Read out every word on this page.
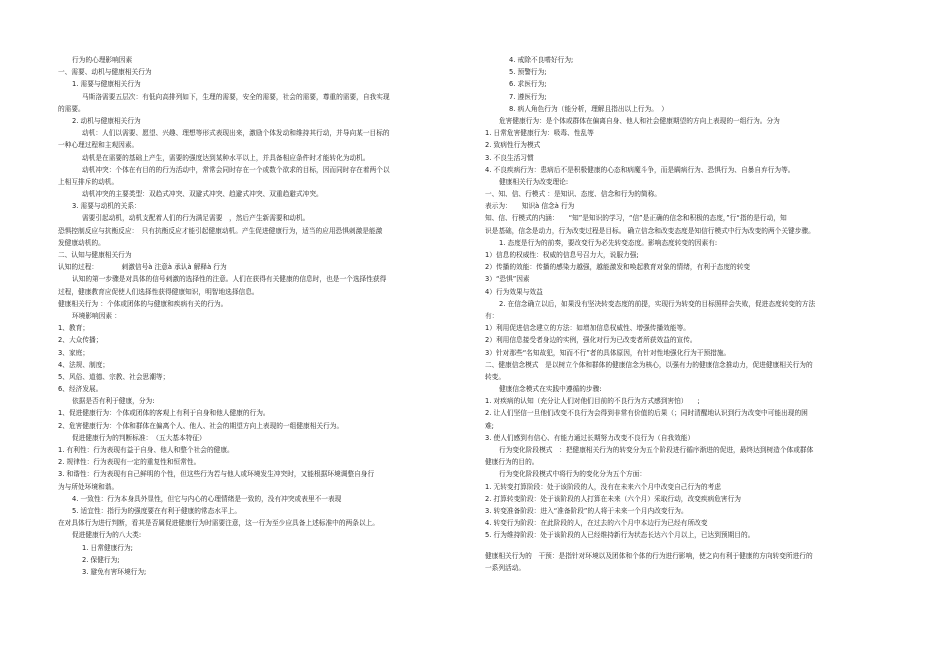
行为的心理影响因素
一、需要、动机与健康相关行为
1. 需要与健康相关行为
马斯洛需要五层次：有低向高排列如下，生理的需要，安全的需要，社会的需要，尊重的需要，自我实现
的需要。
2. 动机与健康相关行为
动机：人们以需要、愿望、兴趣、理想等形式表现出来，激励个体发动和维持其行动，并导向某一目标的
一种心理过程和主观因素。
动机是在需要的基础上产生，需要的强度达到某种水平以上，并具备相应条件时才能转化为动机。
动机冲突：个体在有目的的行为活动中，常常会同时存在一个或数个欲求的目标，因而同时存在着两个以
上相互排斥的动机。
动机冲突的主要类型：双趋式冲突、双避式冲突、趋避式冲突、双重趋避式冲突。
3. 需要与动机的关系：
需要引起动机，动机支配着人们的行为满足需要　，然后产生新需要和动机。
恐惧控制反应与抗衡反应：　只有抗衡反应才能引起健康动机。产生促进健康行为，适当的应用恐惧刺激是能激
发健康动机的。
二、认知与健康相关行为
认知的过程：　　　　刺激信号à 注意à 承认à 解释à 行为
认知的第一步骤是对具体的信号刺激的选择性的注意。人们在获得有关健康的信息时，也是一个选择性获得
过程，健康教育应促使人们选择性获得健康知识，明智地选择信息。
健康相关行为 ：个体或团体的与健康和疾病有关的行为。
环境影响因素 ：
1、教育；
2、大众传播；
3、家庭；
4、法规、制度；
5、风俗、道德、宗教、社会思潮等；
6、经济发展。
依据是否有利于健康，分为:
1、促进健康行为：个体或团体的客观上有利于自身和他人健康的行为。
2、危害健康行为：个体和群体在偏离个人、他人、社会的期望方向上表现的一组健康相关行为。
促进健康行为的判断标准：　（五大基本特征）
1. 有利性：行为表现有益于自身、他人和整个社会的健康。
2. 规律性：行为表现有一定的重复性和恒常性。
3. 和谐性：行为表现有自己鲜明的个性，但这些行为若与他人或环境发生冲突时，又能根据环境调整自身行
为与所处环境和谐。
4. 一致性：行为本身具外显性，但它与内心的心理情绪是一致的，没有冲突或表里不一表现
5. 适宜性：指行为的强度要在有利于健康的常态水平上。
在对具体行为进行判断，看其是否属促进健康行为时需要注意，这一行为至少应具备上述标准中的两条以上。
促进健康行为的八大类:
1. 日常健康行为;
2. 保健行为;
3. 避免有害环境行为;
4. 戒除不良嗜好行为;
5. 预警行为;
6. 求医行为;
7. 遵医行为;
8. 病人角色行为（能分析，理解且指出以上行为。　）
危害健康行为：是个体或群体在偏离自身、他人和社会健康期望的方向上表现的一组行为。分为
1. 日常危害健康行为：吸毒、性乱等
2. 致病性行为模式
3. 不良生活习惯
4. 不良疾病行为：患病后不是积极健康的心态和病魔斗争，而是瞒病行为、恐惧行为、自暴自弃行为等。
健康相关行为改变理论:
一、知、信、行模式 ：是知识、态度、信念和行为的简称。
表示为：　　知识à 信念à 行为
知、信、行模式的内涵：　　“知”是知识的学习，“信”是正确的信念和积极的态度，”行“指的是行动，知
识是基础，信念是动力，行为改变过程是目标。 确立信念和改变态度是知信行模式中行为改变的两个关键步骤。
1. 态度是行为的前奏，要改变行为必先转变态度。影响态度转变的因素有:
1）信息的权威性：权威的信息号召力大，说服力强;
2）传播的效能：传播的感染力越强，越能激发和唤起教育对象的情绪，有利于态度的转变
3）“恐惧”因素
4）行为效果与效益
2. 在信念确立以后，如果没有坚决转变态度的前提，实现行为转变的目标照样会失败，促进态度转变的方法
有：
1）利用促进信念建立的方法：如增加信息权威性、增强传播效能等。
2）利用信息接受者身边的实例，强化对行为已改变者所获效益的宣传。
3）针对那些“名知故犯，知而不行”者的具体原因，有针对性地强化行为干预措施。
二、健康信念模式　是以树立个体和群体的健康信念为核心，以强有力的健康信念推动力，促进健康相关行为的
转变。
健康信念模式在实践中遵循的步骤:
1. 对疾病的认知（充分让人们对他们目前的不良行为方式感到害怕）　　;
2. 让人们坚信一旦他们改变不良行为会得到非常有价值的后果（；同时清醒地认识到行为改变中可能出现的困
难;
3. 使人们感到有信心、有能力通过长期努力改变不良行为（自我效能）
行为变化阶段模式　：把健康相关行为的转变分为五个阶段进行循序渐进的促进，最终达到树造个体或群体
健康行为的目的。
行为变化阶段模式中将行为的变化分为五个方面：
1. 无转变打算阶段：处于该阶段的人，没有在未来六个月中改变自己行为的考虑
2. 打算转变阶段：处于该阶段的人打算在未来（六个月）采取行动，改变疾病危害行为
3. 转变准备阶段：进入“准备阶段”的人将于未来一个月内改变行为。
4. 转变行为阶段：在此阶段的人，在过去的六个月中本边行为已经有所改变
5. 行为维持阶段：处于该阶段的人已经维持新行为状态长达六个月以上，已达到预期目的。
健康相关行为的　干预：是指针对环境以及团体和个体的行为进行影响，使之向有利于健康的方向转变所进行的
一系列活动。
